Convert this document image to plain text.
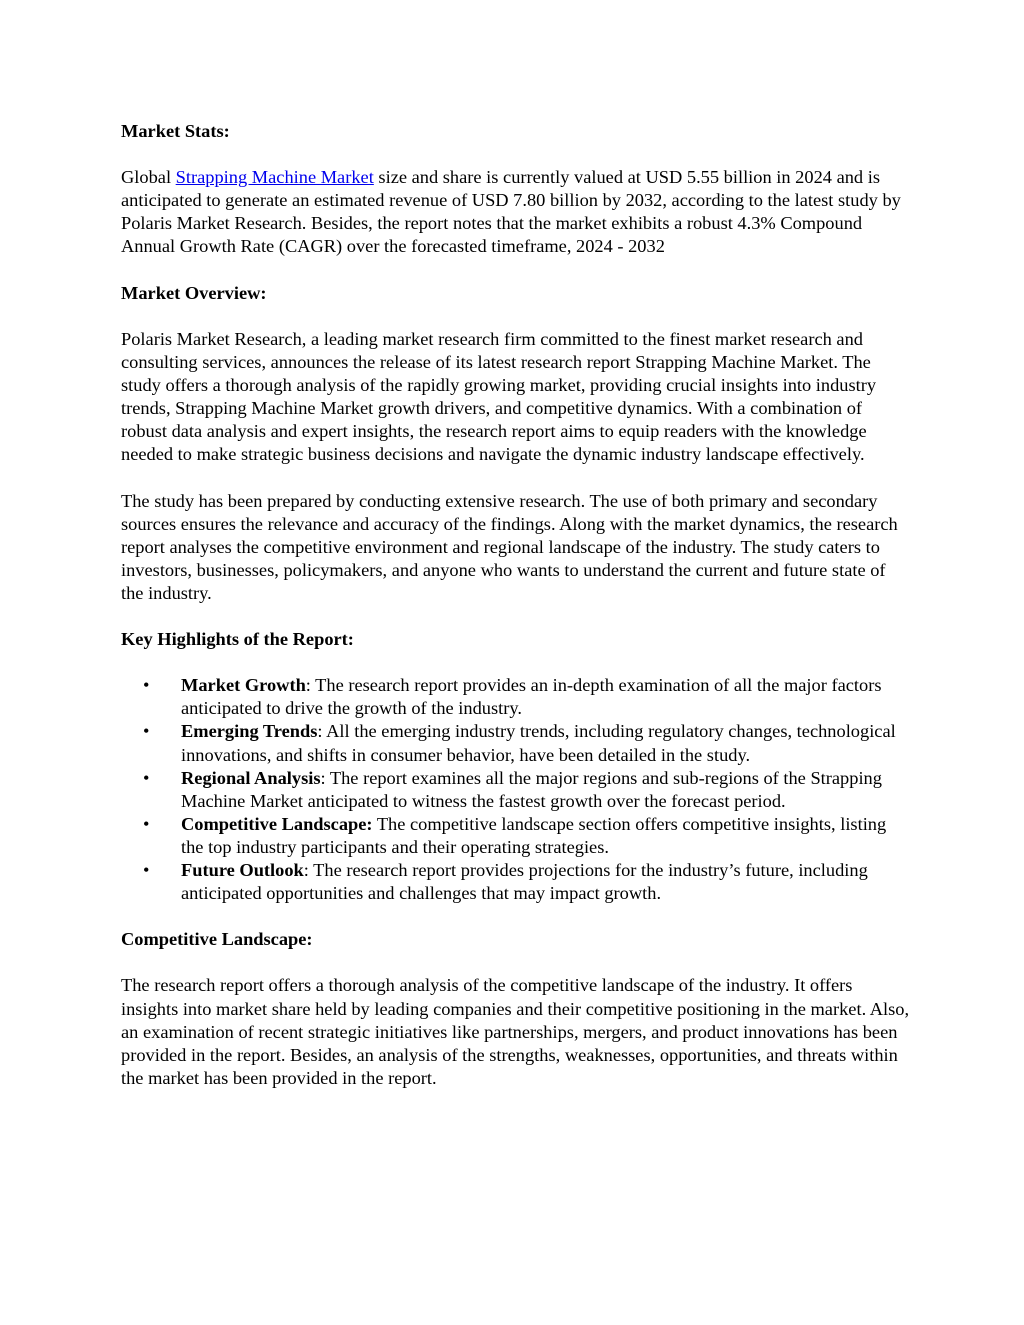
Market Stats:

Global Strapping Machine Market size and share is currently valued at USD 5.55 billion in 2024 and is anticipated to generate an estimated revenue of USD 7.80 billion by 2032, according to the latest study by Polaris Market Research. Besides, the report notes that the market exhibits a robust 4.3% Compound Annual Growth Rate (CAGR) over the forecasted timeframe, 2024 - 2032

Market Overview:

Polaris Market Research, a leading market research firm committed to the finest market research and consulting services, announces the release of its latest research report Strapping Machine Market. The study offers a thorough analysis of the rapidly growing market, providing crucial insights into industry trends, Strapping Machine Market growth drivers, and competitive dynamics. With a combination of robust data analysis and expert insights, the research report aims to equip readers with the knowledge needed to make strategic business decisions and navigate the dynamic industry landscape effectively.

The study has been prepared by conducting extensive research. The use of both primary and secondary sources ensures the relevance and accuracy of the findings. Along with the market dynamics, the research report analyses the competitive environment and regional landscape of the industry. The study caters to investors, businesses, policymakers, and anyone who wants to understand the current and future state of the industry.

Key Highlights of the Report:

• Market Growth: The research report provides an in-depth examination of all the major factors anticipated to drive the growth of the industry.
• Emerging Trends: All the emerging industry trends, including regulatory changes, technological innovations, and shifts in consumer behavior, have been detailed in the study.
• Regional Analysis: The report examines all the major regions and sub-regions of the Strapping Machine Market anticipated to witness the fastest growth over the forecast period.
• Competitive Landscape: The competitive landscape section offers competitive insights, listing the top industry participants and their operating strategies.
• Future Outlook: The research report provides projections for the industry’s future, including anticipated opportunities and challenges that may impact growth.

Competitive Landscape:

The research report offers a thorough analysis of the competitive landscape of the industry. It offers insights into market share held by leading companies and their competitive positioning in the market. Also, an examination of recent strategic initiatives like partnerships, mergers, and product innovations has been provided in the report. Besides, an analysis of the strengths, weaknesses, opportunities, and threats within the market has been provided in the report.
